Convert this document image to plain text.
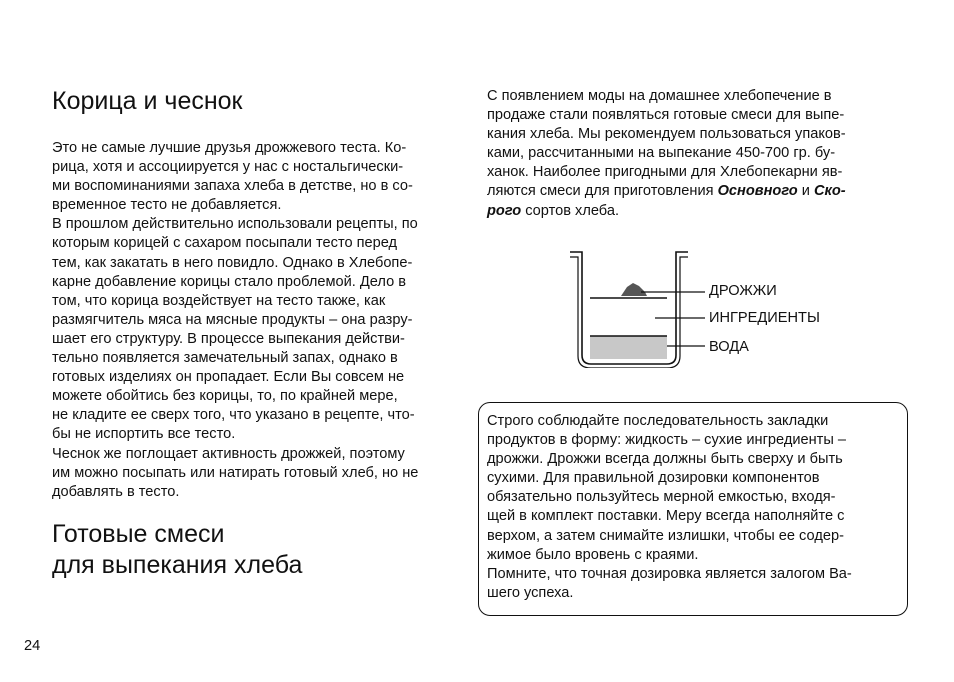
Корица и чеснок
Это не самые лучшие друзья дрожжевого теста. Ко-
рица, хотя и ассоциируется у нас с ностальгически-
ми воспоминаниями запаха хлеба в детстве, но в со-
временное тесто не добавляется.
В прошлом действительно использовали рецепты, по
которым корицей с сахаром посыпали тесто перед
тем, как закатать в него повидло. Однако в Хлебопе-
карне добавление корицы стало проблемой. Дело в
том, что корица воздействует на тесто также, как
размягчитель мяса на мясные продукты – она разру-
шает его структуру. В процессе выпекания действи-
тельно появляется замечательный запах, однако в
готовых изделиях он пропадает. Если Вы совсем не
можете обойтись без корицы, то, по крайней мере,
не кладите ее сверх того, что указано в рецепте, что-
бы не испортить все тесто.
Чеснок же поглощает активность дрожжей, поэтому
им можно посыпать или натирать готовый хлеб, но не
добавлять в тесто.
Готовые смеси
для выпекания хлеба
С появлением моды на домашнее хлебопечение в
продаже стали появляться готовые смеси для выпе-
кания хлеба. Мы рекомендуем пользоваться упаков-
ками, рассчитанными на выпекание 450-700 гр. бу-
ханок. Наиболее пригодными для Хлебопекарни яв-
ляются смеси для приготовления Основного и Ско-
рого сортов хлеба.
ДРОЖЖИ
ИНГРЕДИЕНТЫ
ВОДА
Строго соблюдайте последовательность закладки
продуктов в форму: жидкость – сухие ингредиенты –
дрожжи. Дрожжи всегда должны быть сверху и быть
сухими. Для правильной дозировки компонентов
обязательно пользуйтесь мерной емкостью, входя-
щей в комплект поставки. Меру всегда наполняйте с
верхом, а затем снимайте излишки, чтобы ее содер-
жимое было вровень с краями.
Помните, что точная дозировка является залогом Ва-
шего успеха.
24
